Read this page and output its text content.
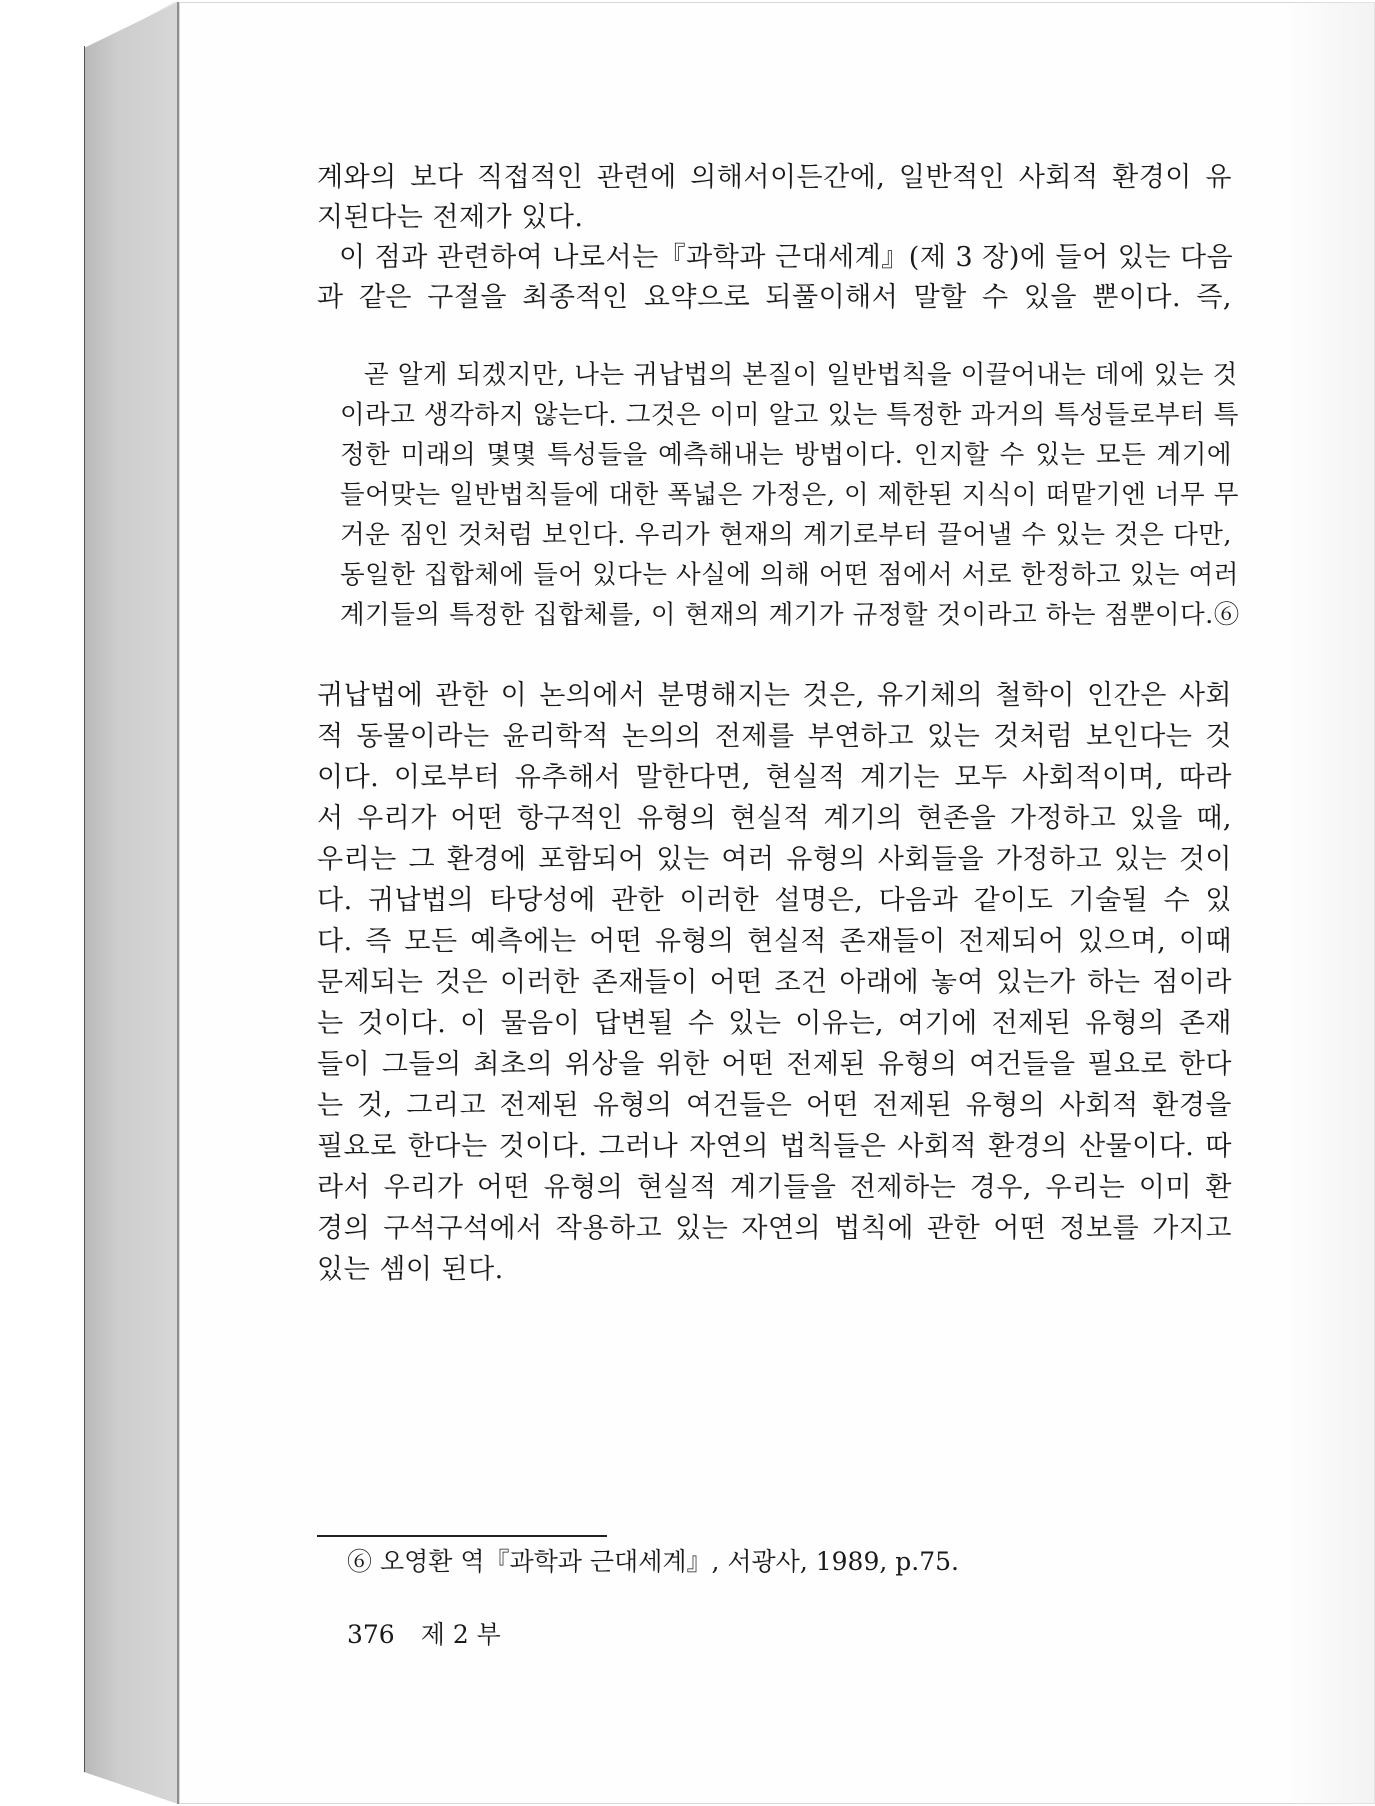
계와의 보다 직접적인 관련에 의해서이든간에, 일반적인 사회적 환경이 유
지된다는 전제가 있다.
이 점과 관련하여 나로서는『과학과 근대세계』(제 3 장)에 들어 있는 다음
과 같은 구절을 최종적인 요약으로 되풀이해서 말할 수 있을 뿐이다. 즉,
곧 알게 되겠지만, 나는 귀납법의 본질이 일반법칙을 이끌어내는 데에 있는 것
이라고 생각하지 않는다. 그것은 이미 알고 있는 특정한 과거의 특성들로부터 특
정한 미래의 몇몇 특성들을 예측해내는 방법이다. 인지할 수 있는 모든 계기에
들어맞는 일반법칙들에 대한 폭넓은 가정은, 이 제한된 지식이 떠맡기엔 너무 무
거운 짐인 것처럼 보인다. 우리가 현재의 계기로부터 끌어낼 수 있는 것은 다만,
동일한 집합체에 들어 있다는 사실에 의해 어떤 점에서 서로 한정하고 있는 여러
계기들의 특정한 집합체를, 이 현재의 계기가 규정할 것이라고 하는 점뿐이다.⑥
귀납법에 관한 이 논의에서 분명해지는 것은, 유기체의 철학이 인간은 사회
적 동물이라는 윤리학적 논의의 전제를 부연하고 있는 것처럼 보인다는 것
이다. 이로부터 유추해서 말한다면, 현실적 계기는 모두 사회적이며, 따라
서 우리가 어떤 항구적인 유형의 현실적 계기의 현존을 가정하고 있을 때,
우리는 그 환경에 포함되어 있는 여러 유형의 사회들을 가정하고 있는 것이
다. 귀납법의 타당성에 관한 이러한 설명은, 다음과 같이도 기술될 수 있
다. 즉 모든 예측에는 어떤 유형의 현실적 존재들이 전제되어 있으며, 이때
문제되는 것은 이러한 존재들이 어떤 조건 아래에 놓여 있는가 하는 점이라
는 것이다. 이 물음이 답변될 수 있는 이유는, 여기에 전제된 유형의 존재
들이 그들의 최초의 위상을 위한 어떤 전제된 유형의 여건들을 필요로 한다
는 것, 그리고 전제된 유형의 여건들은 어떤 전제된 유형의 사회적 환경을
필요로 한다는 것이다. 그러나 자연의 법칙들은 사회적 환경의 산물이다. 따
라서 우리가 어떤 유형의 현실적 계기들을 전제하는 경우, 우리는 이미 환
경의 구석구석에서 작용하고 있는 자연의 법칙에 관한 어떤 정보를 가지고
있는 셈이 된다.
⑥ 오영환 역『과학과 근대세계』, 서광사, 1989, p.75.
376 제 2 부
